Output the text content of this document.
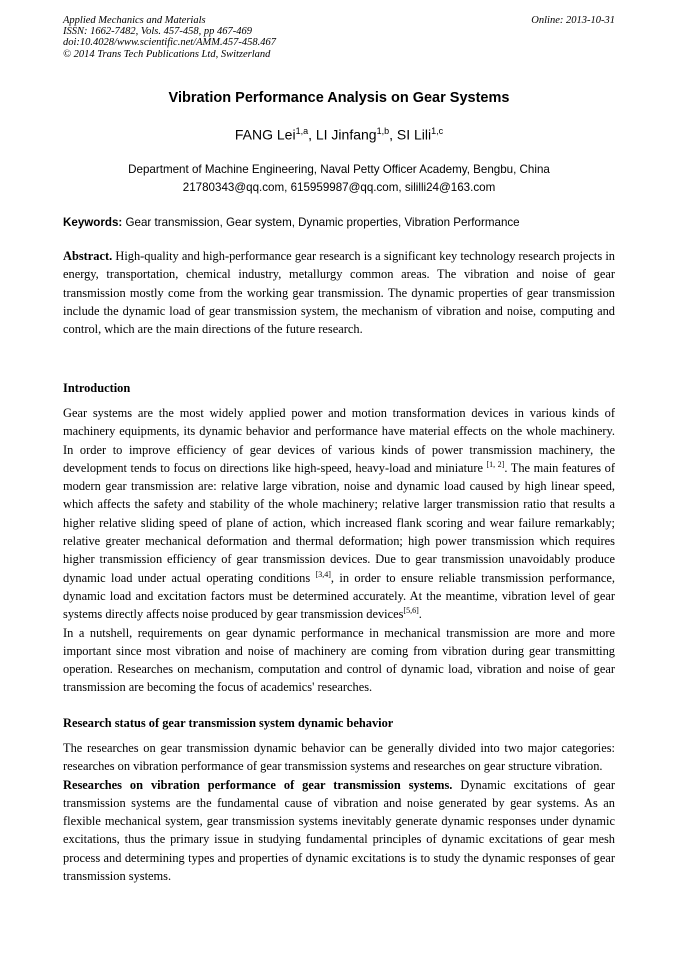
Applied Mechanics and Materials
ISSN: 1662-7482, Vols. 457-458, pp 467-469
doi:10.4028/www.scientific.net/AMM.457-458.467
© 2014 Trans Tech Publications Ltd, Switzerland
Online: 2013-10-31
Vibration Performance Analysis on Gear Systems
FANG Lei$^{1,a}$, LI Jinfang$^{1,b}$, SI Lili$^{1,c}$
Department of Machine Engineering, Naval Petty Officer Academy, Bengbu, China
21780343@qq.com, 615959987@qq.com, sililli24@163.com
Keywords: Gear transmission, Gear system, Dynamic properties, Vibration Performance

Abstract. High-quality and high-performance gear research is a significant key technology research projects in energy, transportation, chemical industry, metallurgy common areas. The vibration and noise of gear transmission mostly come from the working gear transmission. The dynamic properties of gear transmission include the dynamic load of gear transmission system, the mechanism of vibration and noise, computing and control, which are the main directions of the future research.

Introduction

Gear systems are the most widely applied power and motion transformation devices in various kinds of machinery equipments, its dynamic behavior and performance have material effects on the whole machinery. In order to improve efficiency of gear devices of various kinds of power transmission machinery, the development tends to focus on directions like high-speed, heavy-load and miniature [1, 2]. The main features of modern gear transmission are: relative large vibration, noise and dynamic load caused by high linear speed, which affects the safety and stability of the whole machinery; relative larger transmission ratio that results a higher relative sliding speed of plane of action, which increased flank scoring and wear failure remarkably; relative greater mechanical deformation and thermal deformation; high power transmission which requires higher transmission efficiency of gear transmission devices. Due to gear transmission unavoidably produce dynamic load under actual operating conditions [3,4], in order to ensure reliable transmission performance, dynamic load and excitation factors must be determined accurately. At the meantime, vibration level of gear systems directly affects noise produced by gear transmission devices[5,6].

In a nutshell, requirements on gear dynamic performance in mechanical transmission are more and more important since most vibration and noise of machinery are coming from vibration during gear transmitting operation. Researches on mechanism, computation and control of dynamic load, vibration and noise of gear transmission are becoming the focus of academics' researches.

Research status of gear transmission system dynamic behavior

The researches on gear transmission dynamic behavior can be generally divided into two major categories: researches on vibration performance of gear transmission systems and researches on gear structure vibration.

Researches on vibration performance of gear transmission systems. Dynamic excitations of gear transmission systems are the fundamental cause of vibration and noise generated by gear systems. As an flexible mechanical system, gear transmission systems inevitably generate dynamic responses under dynamic excitations, thus the primary issue in studying fundamental principles of dynamic excitations of gear mesh process and determining types and properties of dynamic excitations is to study the dynamic responses of gear transmission systems.
